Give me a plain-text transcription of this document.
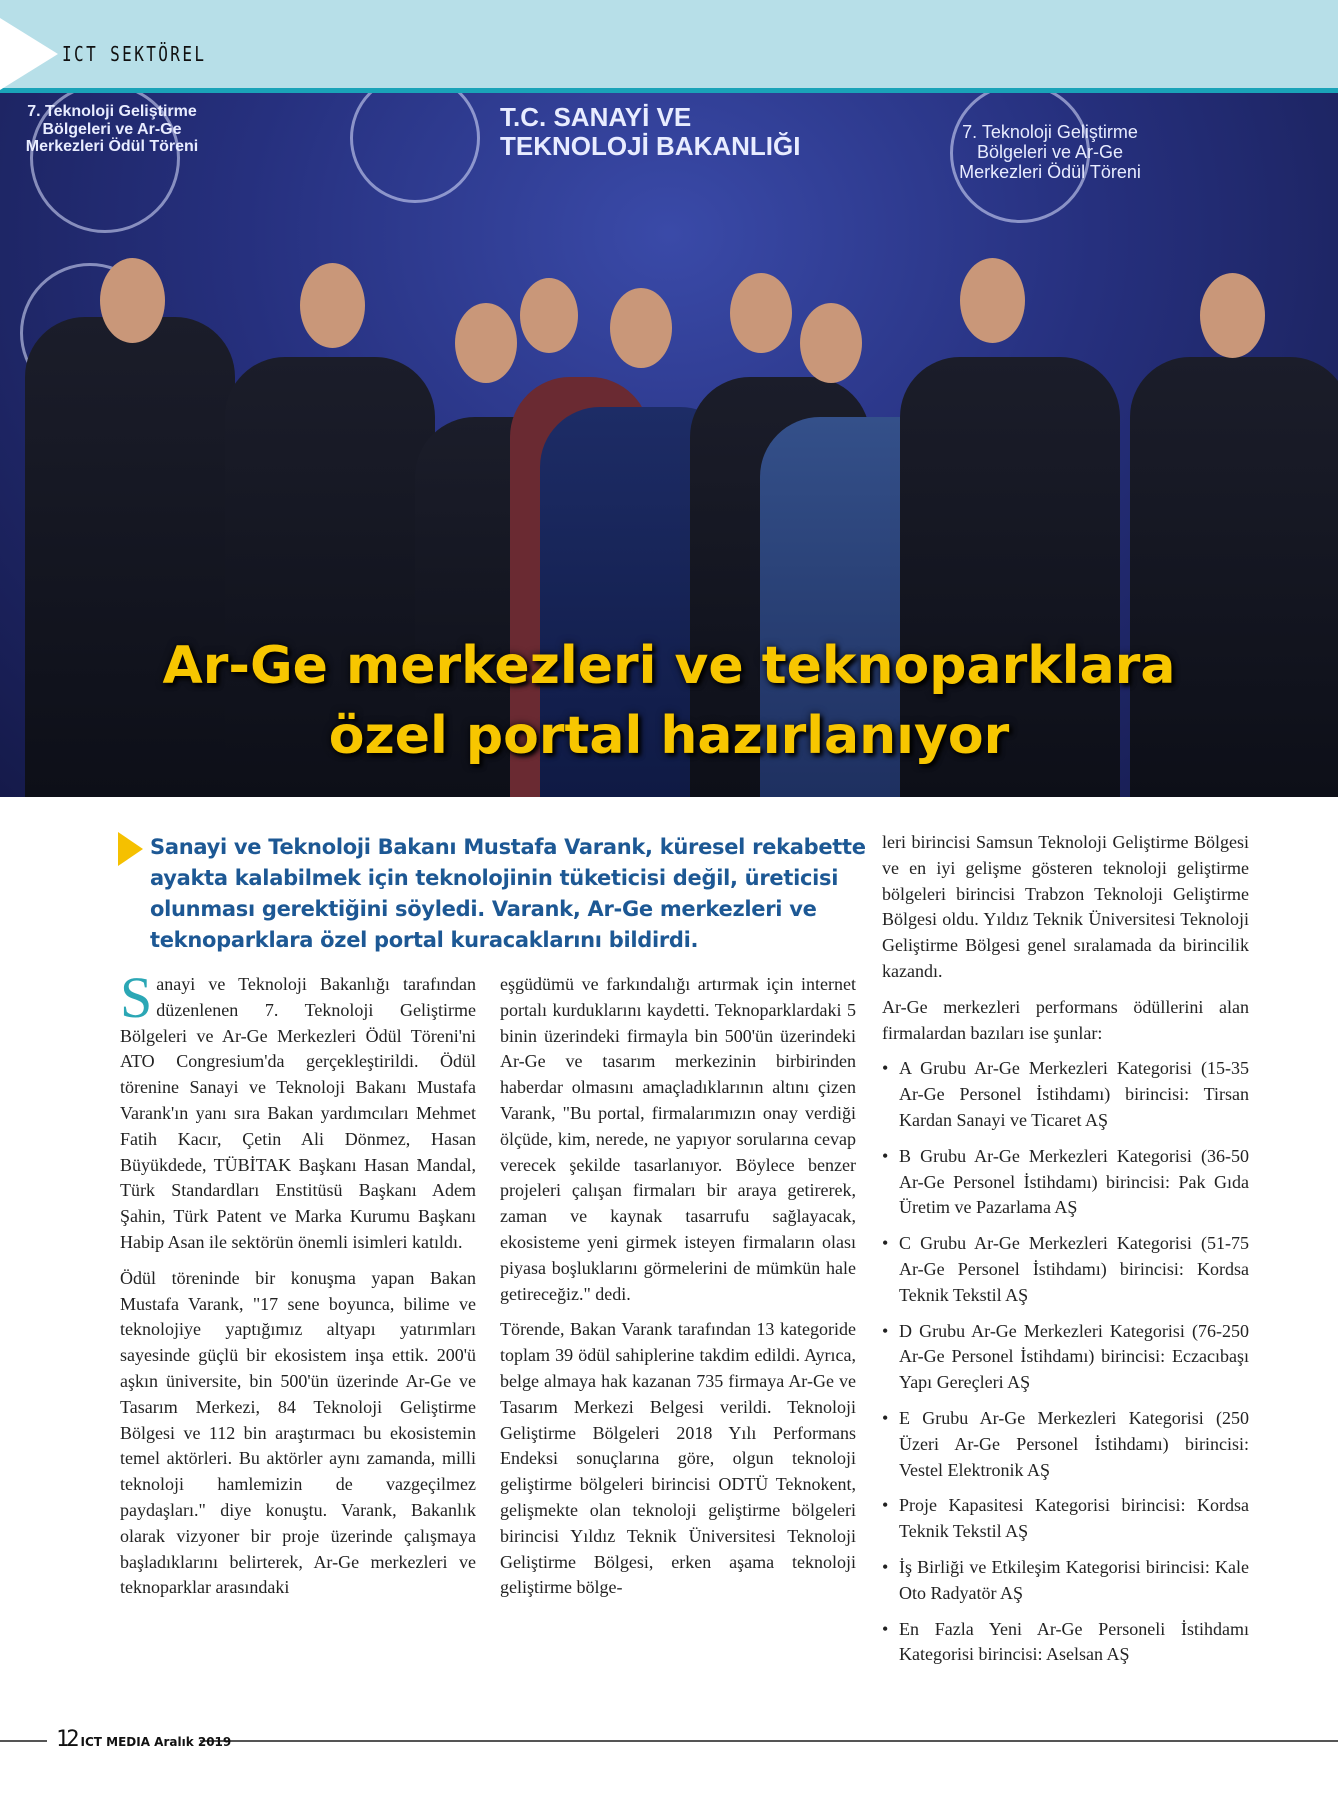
ICT SEKTÖREL
7. Teknoloji Geliştirme Bölgeleri ve Ar-Ge Merkezleri Ödül Töreni
7. Teknoloji Geliştirme Bölgeleri ve Ar-Ge Merkezleri Ödül Töreni
T.C. SANAYİ VE TEKNOLOJİ BAKANLIĞI
Ar-Ge merkezleri ve teknoparklara
özel portal hazırlanıyor
Sanayi ve Teknoloji Bakanı Mustafa Varank, küresel rekabette ayakta kalabilmek için teknolojinin tüketicisi değil, üreticisi olunması gerektiğini söyledi. Varank, Ar-Ge merkezleri ve teknoparklara özel portal kuracaklarını bildirdi.

Sanayi ve Teknoloji Bakanlığı tarafından düzenlenen 7. Teknoloji Geliştirme Bölgeleri ve Ar-Ge Merkezleri Ödül Töreni'ni ATO Congresium'da gerçekleştirildi. Ödül törenine Sanayi ve Teknoloji Bakanı Mustafa Varank'ın yanı sıra Bakan yardımcıları Mehmet Fatih Kacır, Çetin Ali Dönmez, Hasan Büyükdede, TÜBİTAK Başkanı Hasan Mandal, Türk Standardları Enstitüsü Başkanı Adem Şahin, Türk Patent ve Marka Kurumu Başkanı Habip Asan ile sektörün önemli isimleri katıldı.

Ödül töreninde bir konuşma yapan Bakan Mustafa Varank, "17 sene boyunca, bilime ve teknolojiye yaptığımız altyapı yatırımları sayesinde güçlü bir ekosistem inşa ettik. 200'ü aşkın üniversite, bin 500'ün üzerinde Ar-Ge ve Tasarım Merkezi, 84 Teknoloji Geliştirme Bölgesi ve 112 bin araştırmacı bu ekosistemin temel aktörleri. Bu aktörler aynı zamanda, milli teknoloji hamlemizin de vazgeçilmez paydaşları." diye konuştu. Varank, Bakanlık olarak vizyoner bir proje üzerinde çalışmaya başladıklarını belirterek, Ar-Ge merkezleri ve teknoparklar arasındaki

eşgüdümü ve farkındalığı artırmak için internet portalı kurduklarını kaydetti. Teknoparklardaki 5 binin üzerindeki firmayla bin 500'ün üzerindeki Ar-Ge ve tasarım merkezinin birbirinden haberdar olmasını amaçladıklarının altını çizen Varank, "Bu portal, firmalarımızın onay verdiği ölçüde, kim, nerede, ne yapıyor sorularına cevap verecek şekilde tasarlanıyor. Böylece benzer projeleri çalışan firmaları bir araya getirerek, zaman ve kaynak tasarrufu sağlayacak, ekosisteme yeni girmek isteyen firmaların olası piyasa boşluklarını görmelerini de mümkün hale getireceğiz." dedi.

Törende, Bakan Varank tarafından 13 kategoride toplam 39 ödül sahiplerine takdim edildi. Ayrıca, belge almaya hak kazanan 735 firmaya Ar-Ge ve Tasarım Merkezi Belgesi verildi. Teknoloji Geliştirme Bölgeleri 2018 Yılı Performans Endeksi sonuçlarına göre, olgun teknoloji geliştirme bölgeleri birincisi ODTÜ Teknokent, gelişmekte olan teknoloji geliştirme bölgeleri birincisi Yıldız Teknik Üniversitesi Teknoloji Geliştirme Bölgesi, erken aşama teknoloji geliştirme bölge-

leri birincisi Samsun Teknoloji Geliştirme Bölgesi ve en iyi gelişme gösteren teknoloji geliştirme bölgeleri birincisi Trabzon Teknoloji Geliştirme Bölgesi oldu. Yıldız Teknik Üniversitesi Teknoloji Geliştirme Bölgesi genel sıralamada da birincilik kazandı.

Ar-Ge merkezleri performans ödüllerini alan firmalardan bazıları ise şunlar:

• A Grubu Ar-Ge Merkezleri Kategorisi (15-35 Ar-Ge Personel İstihdamı) birincisi: Tirsan Kardan Sanayi ve Ticaret AŞ
• B Grubu Ar-Ge Merkezleri Kategorisi (36-50 Ar-Ge Personel İstihdamı) birincisi: Pak Gıda Üretim ve Pazarlama AŞ
• C Grubu Ar-Ge Merkezleri Kategorisi (51-75 Ar-Ge Personel İstihdamı) birincisi: Kordsa Teknik Tekstil AŞ
• D Grubu Ar-Ge Merkezleri Kategorisi (76-250 Ar-Ge Personel İstihdamı) birincisi: Eczacıbaşı Yapı Gereçleri AŞ
• E Grubu Ar-Ge Merkezleri Kategorisi (250 Üzeri Ar-Ge Personel İstihdamı) birincisi: Vestel Elektronik AŞ
• Proje Kapasitesi Kategorisi birincisi: Kordsa Teknik Tekstil AŞ
• İş Birliği ve Etkileşim Kategorisi birincisi: Kale Oto Radyatör AŞ
• En Fazla Yeni Ar-Ge Personeli İstihdamı Kategorisi birincisi: Aselsan AŞ
12 ICT MEDIA Aralık 2019
